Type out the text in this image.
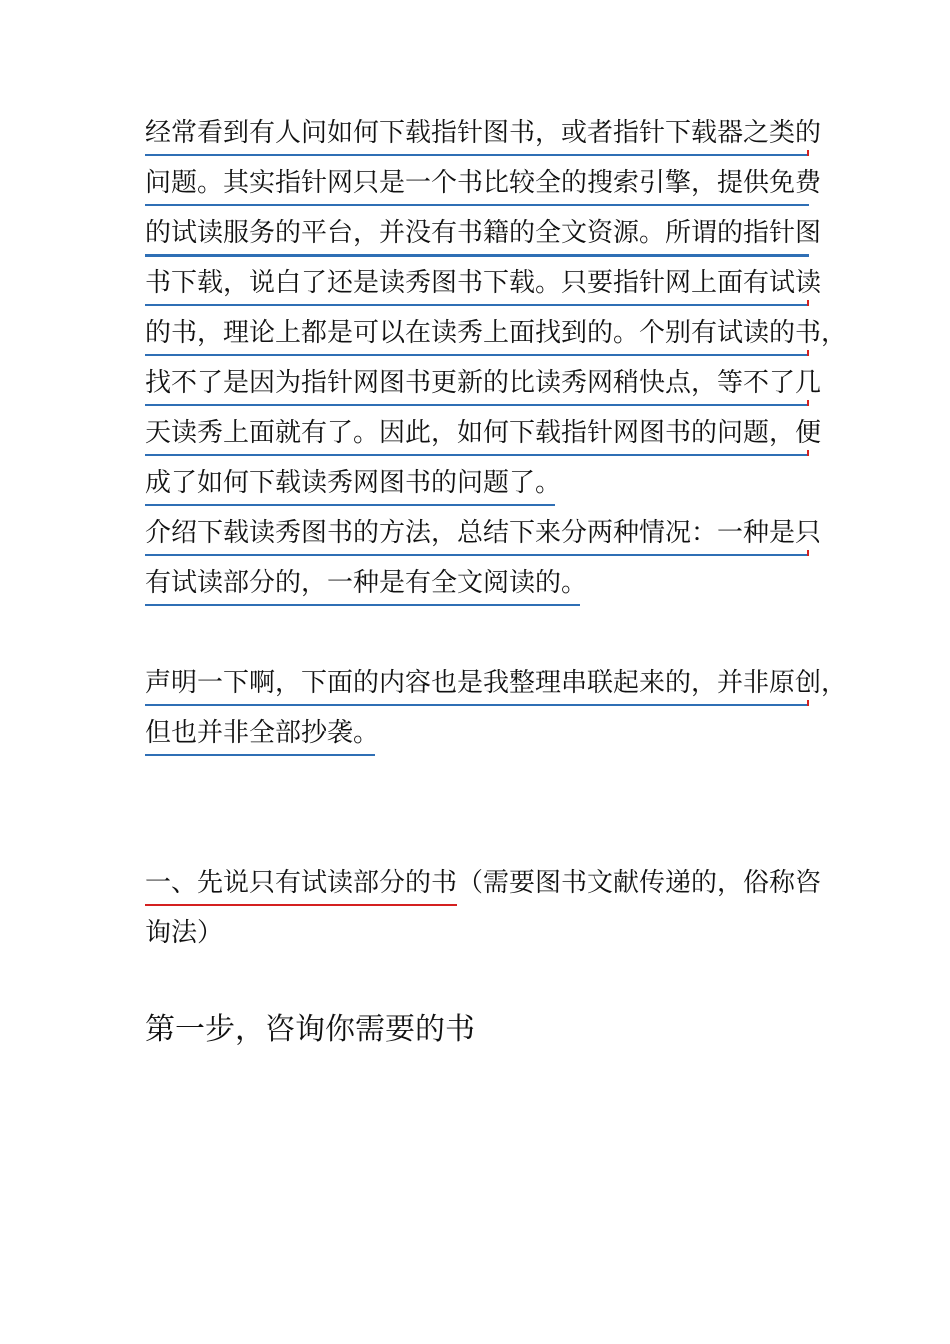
经常看到有人问如何下载指针图书，或者指针下载器之类的
问题。其实指针网只是一个书比较全的搜索引擎，提供免费
的试读服务的平台，并没有书籍的全文资源。所谓的指针图
书下载，说白了还是读秀图书下载。只要指针网上面有试读
的书，理论上都是可以在读秀上面找到的。个别有试读的书，
找不了是因为指针网图书更新的比读秀网稍快点，等不了几
天读秀上面就有了。因此，如何下载指针网图书的问题，便
成了如何下载读秀网图书的问题了。
介绍下载读秀图书的方法，总结下来分两种情况：一种是只
有试读部分的，一种是有全文阅读的。
声明一下啊，下面的内容也是我整理串联起来的，并非原创，
但也并非全部抄袭。
一、先说只有试读部分的书（需要图书文献传递的，俗称咨
询法）
第一步，咨询你需要的书
